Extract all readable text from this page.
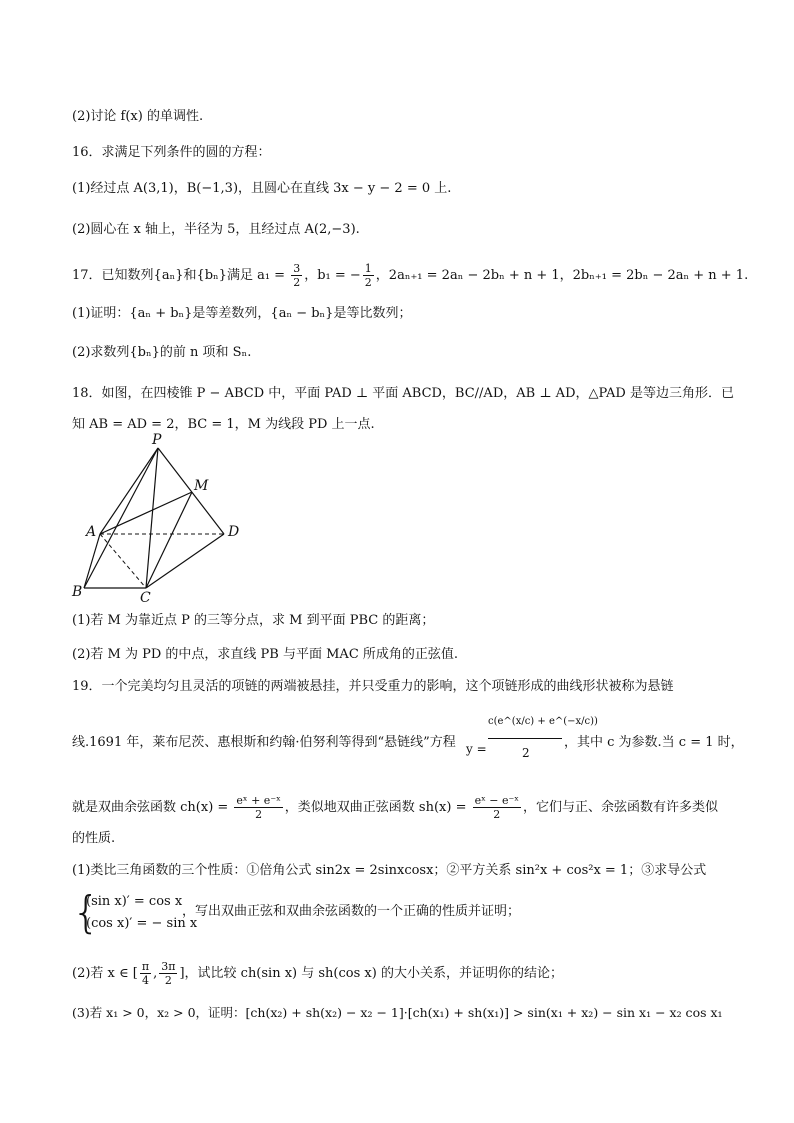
(2)讨论 f(x) 的单调性.
16．求满足下列条件的圆的方程：
(1)经过点 A(3,1)，B(−1,3)，且圆心在直线 3x − y − 2 = 0 上.
(2)圆心在 x 轴上，半径为 5，且经过点 A(2,−3).
17．已知数列{aₙ}和{bₙ}满足 $a_1 = \frac{3}{2}$ ，b₁ = − $\frac{1}{2}$ ，2aₙ₊₁ = 2aₙ − 2bₙ + n + 1，2bₙ₊₁ = 2bₙ − 2aₙ + n + 1.
(1)证明：{aₙ + bₙ}是等差数列，{aₙ − bₙ}是等比数列；
(2)求数列{bₙ}的前 n 项和 Sₙ.
18．如图，在四棱锥 P − ABCD 中，平面 PAD ⊥ 平面 ABCD，BC//AD，AB ⊥ AD，△PAD 是等边三角形．已
知 AB = AD = 2，BC = 1，M 为线段 PD 上一点.
P
M
A	D
B	C
(1)若 M 为靠近点 P 的三等分点，求 M 到平面 PBC 的距离；
(2)若 M 为 PD 的中点，求直线 PB 与平面 MAC 所成角的正弦值.
19．一个完美均匀且灵活的项链的两端被悬挂，并只受重力的影响，这个项链形成的曲线形状被称为悬链
线.1691 年，莱布尼茨、惠根斯和约翰·伯努利等得到“悬链线”方程 y =
c(e^(x/c) + e^(−x/c))
2
，其中 c 为参数.当 c = 1 时，
就是双曲余弦函数 $ch(x) = \frac{\text{eˣ + e⁻ˣ}}{2}$ ，类似地双曲正弦函数 $sh(x) = \frac{\text{eˣ − e⁻ˣ}}{2}$ ，它们与正、余弦函数有许多类似
的性质.
(1)类比三角函数的三个性质：①倍角公式 sin2x = 2sinxcosx；②平方关系 sin²x + cos²x = 1；③求导公式
{
(sin x)′ = cos x
(cos x)′ = − sin x
，写出双曲正弦和双曲余弦函数的一个正确的性质并证明；
(2)若 x ∈ [ $\frac{\pi}{4}$ , $\frac{3\pi}{2}$ ]，试比较 ch(sin x) 与 sh(cos x) 的大小关系，并证明你的结论；
(3)若 x₁ > 0，x₂ > 0，证明：[ch(x₂) + sh(x₂) − x₂ − 1]·[ch(x₁) + sh(x₁)] > sin(x₁ + x₂) − sin x₁ − x₂ cos x₁
